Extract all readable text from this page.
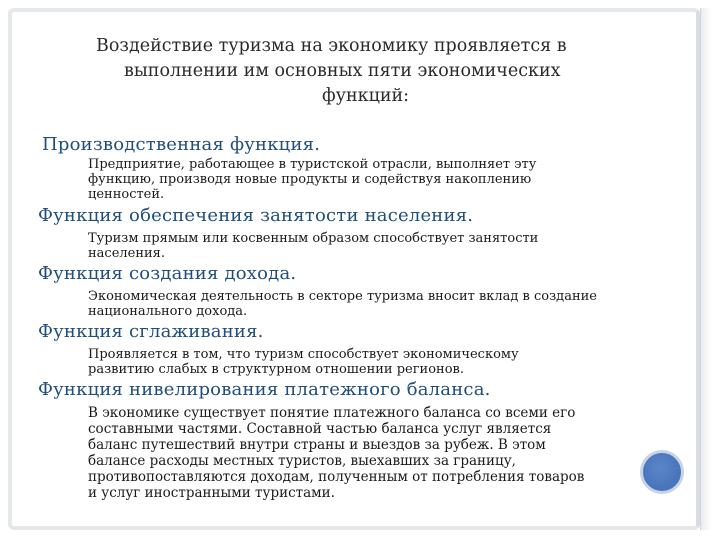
Воздействие туризма на экономику проявляется в
выполнении им основных пяти экономических
функций:
Производственная функция.
Предприятие, работающее в туристской отрасли, выполняет эту
функцию, производя новые продукты и содействуя накоплению
ценностей.
Функция обеспечения занятости населения.
Туризм прямым или косвенным образом способствует занятости
населения.
Функция создания дохода.
Экономическая деятельность в секторе туризма вносит вклад в создание
национального дохода.
Функция сглаживания.
Проявляется в том, что туризм способствует экономическому
развитию слабых в структурном отношении регионов.
Функция нивелирования платежного баланса.
В экономике существует понятие платежного баланса со всеми его
составными частями. Составной частью баланса услуг является
баланс путешествий внутри страны и выездов за рубеж. В этом
балансе расходы местных туристов, выехавших за границу,
противопоставляются доходам, полученным от потребления товаров
и услуг иностранными туристами.
